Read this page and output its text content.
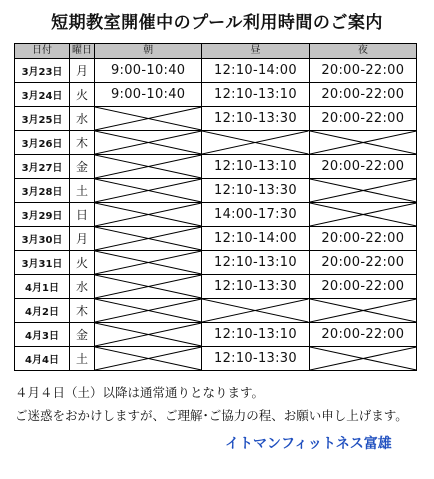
短期教室開催中のプール利用時間のご案内
日付	曜日	朝	昼	夜
3月23日	月	9:00-10:40	12:10-14:00	20:00-22:00
3月24日	火	9:00-10:40	12:10-13:10	20:00-22:00
3月25日	水		12:10-13:30	20:00-22:00
3月26日	木	

3月27日	金		12:10-13:10	20:00-22:00
3月28日	土		12:10-13:30	

3月29日	日		14:00-17:30	

3月30日	月		12:10-14:00	20:00-22:00
3月31日	火		12:10-13:10	20:00-22:00
4月1日	水		12:10-13:30	20:00-22:00
4月2日	木	

4月3日	金		12:10-13:10	20:00-22:00
4月4日	土		12:10-13:30	
４月４日（土）以降は通常通りとなります。
ご迷惑をおかけしますが、ご理解･ご協力の程、お願い申し上げます。
イトマンフィットネス富雄
